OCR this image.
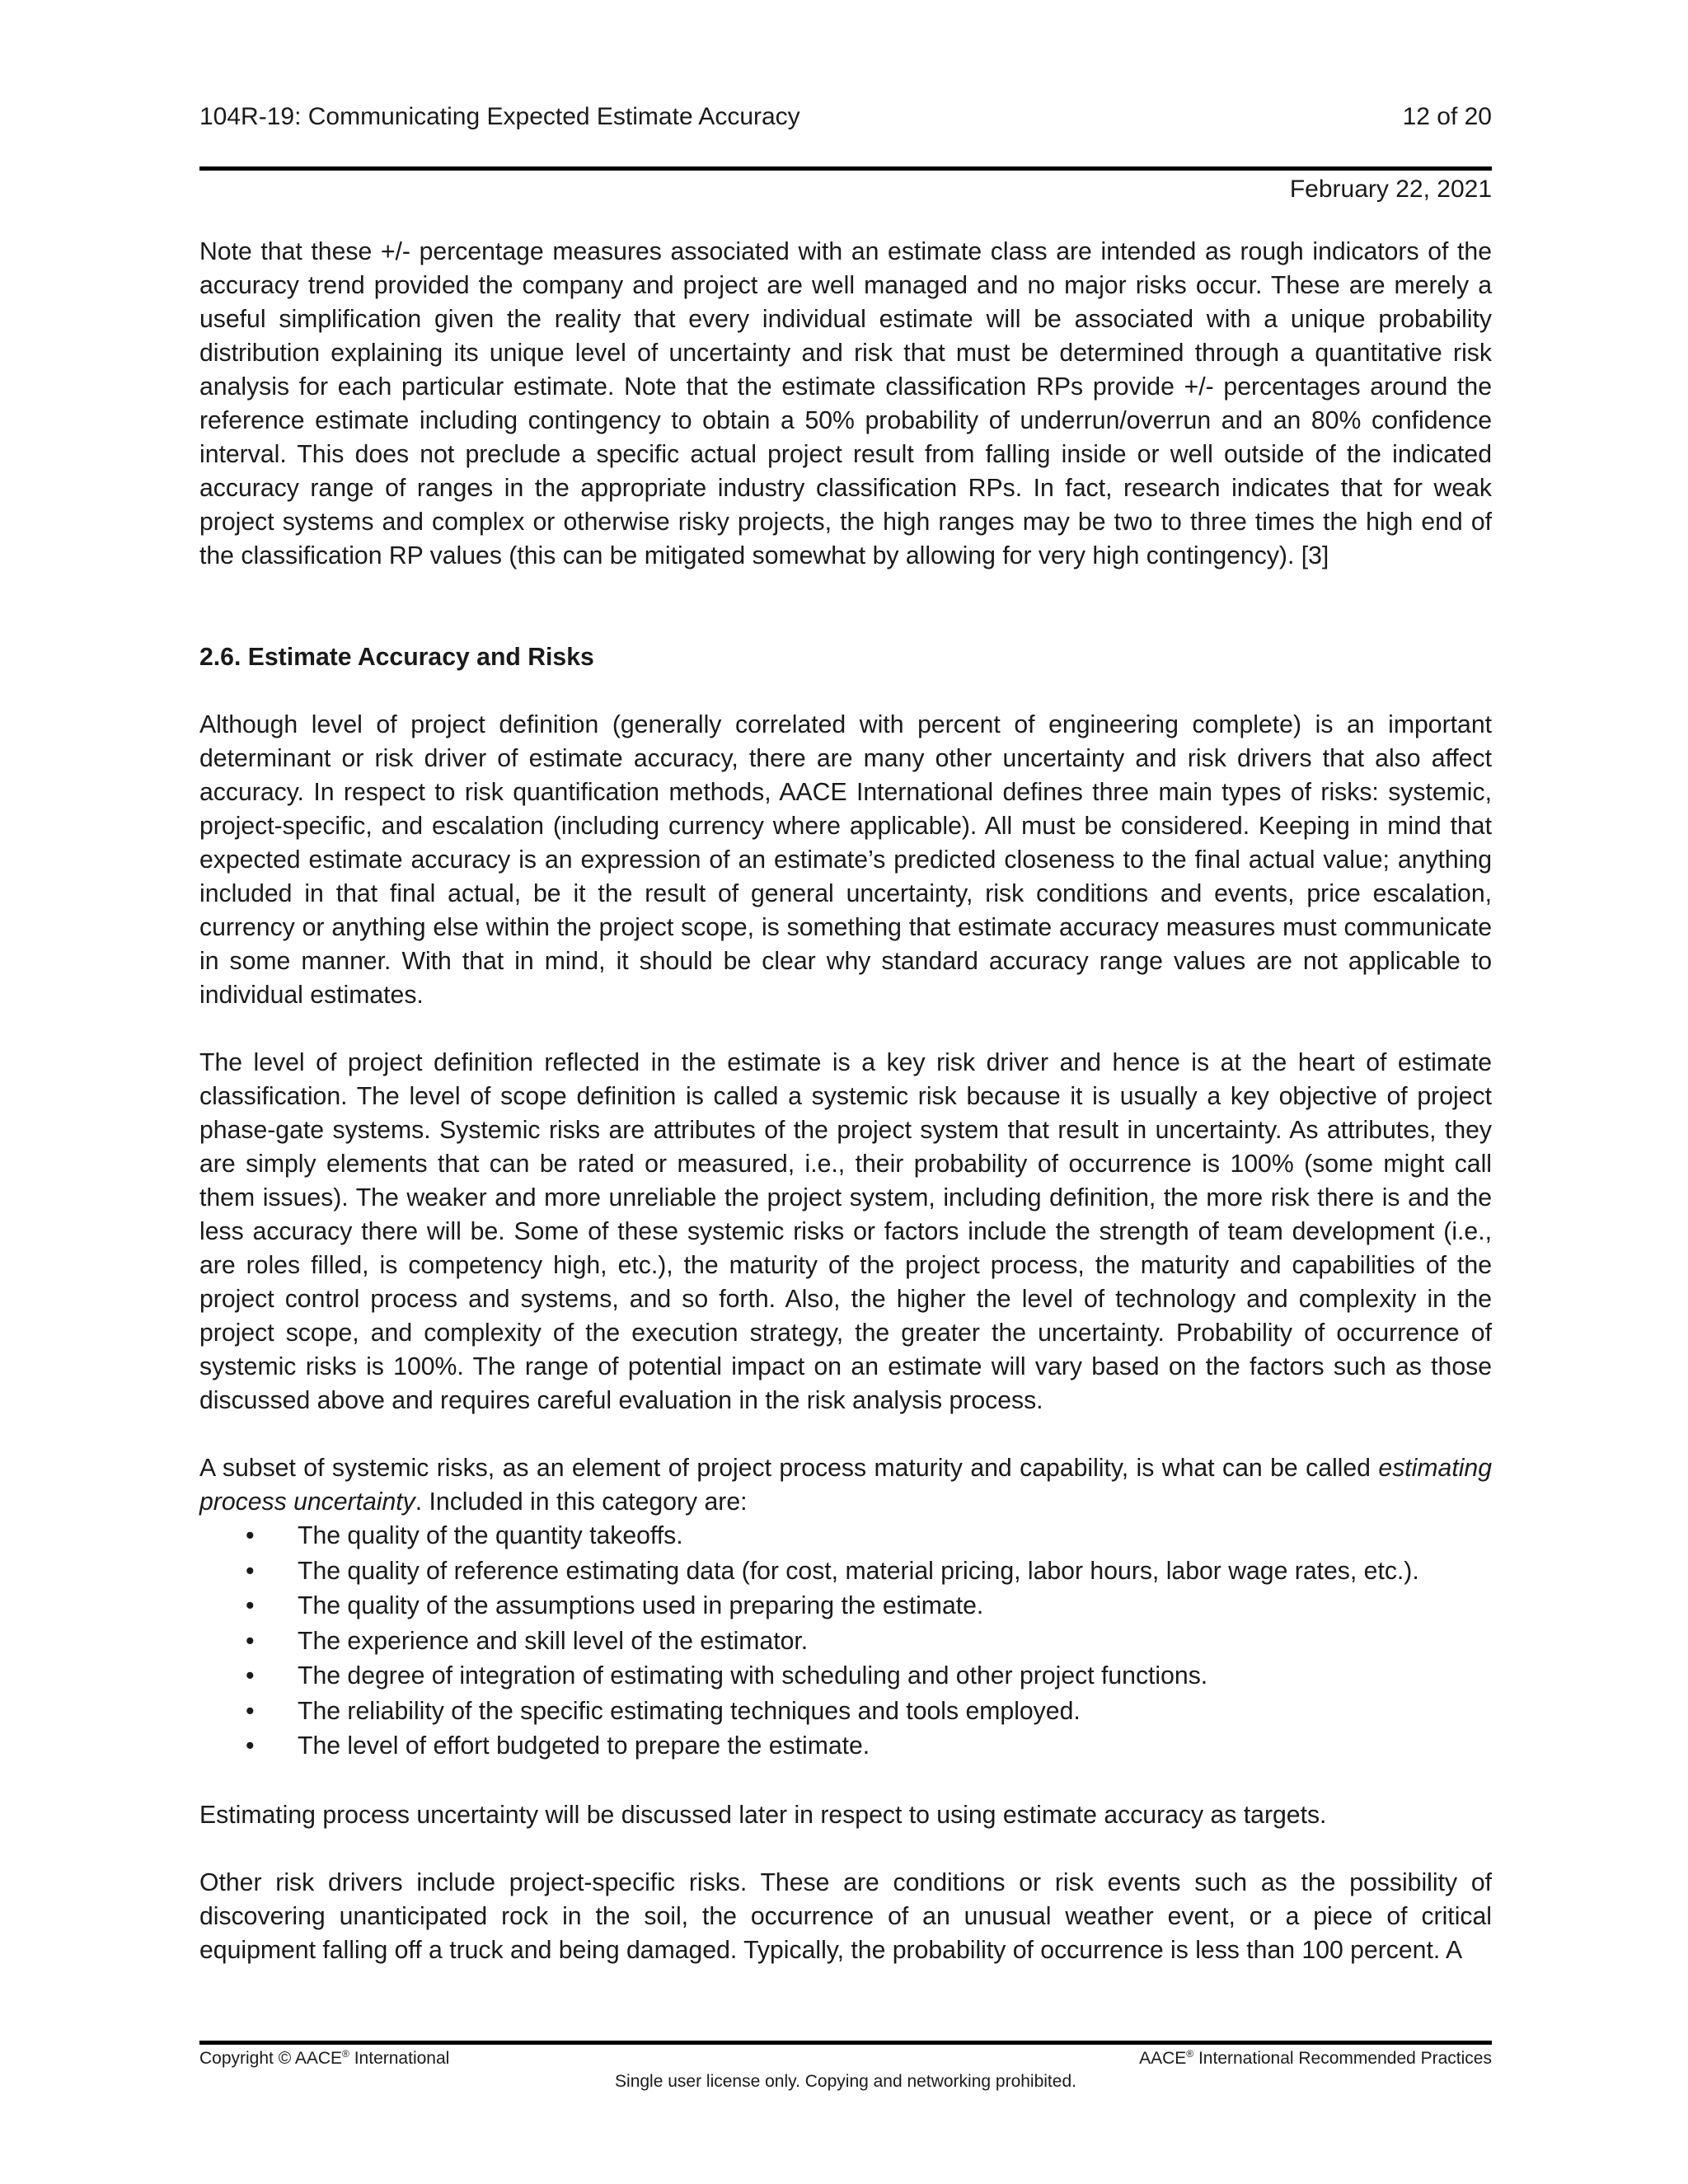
104R-19: Communicating Expected Estimate Accuracy	12 of 20
February 22, 2021

Note that these +/- percentage measures associated with an estimate class are intended as rough indicators of the accuracy trend provided the company and project are well managed and no major risks occur. These are merely a useful simplification given the reality that every individual estimate will be associated with a unique probability distribution explaining its unique level of uncertainty and risk that must be determined through a quantitative risk analysis for each particular estimate. Note that the estimate classification RPs provide +/- percentages around the reference estimate including contingency to obtain a 50% probability of underrun/overrun and an 80% confidence interval. This does not preclude a specific actual project result from falling inside or well outside of the indicated accuracy range of ranges in the appropriate industry classification RPs. In fact, research indicates that for weak project systems and complex or otherwise risky projects, the high ranges may be two to three times the high end of the classification RP values (this can be mitigated somewhat by allowing for very high contingency). [3]

2.6. Estimate Accuracy and Risks

Although level of project definition (generally correlated with percent of engineering complete) is an important determinant or risk driver of estimate accuracy, there are many other uncertainty and risk drivers that also affect accuracy. In respect to risk quantification methods, AACE International defines three main types of risks: systemic, project-specific, and escalation (including currency where applicable). All must be considered. Keeping in mind that expected estimate accuracy is an expression of an estimate’s predicted closeness to the final actual value; anything included in that final actual, be it the result of general uncertainty, risk conditions and events, price escalation, currency or anything else within the project scope, is something that estimate accuracy measures must communicate in some manner. With that in mind, it should be clear why standard accuracy range values are not applicable to individual estimates.

The level of project definition reflected in the estimate is a key risk driver and hence is at the heart of estimate classification. The level of scope definition is called a systemic risk because it is usually a key objective of project phase-gate systems. Systemic risks are attributes of the project system that result in uncertainty. As attributes, they are simply elements that can be rated or measured, i.e., their probability of occurrence is 100% (some might call them issues). The weaker and more unreliable the project system, including definition, the more risk there is and the less accuracy there will be. Some of these systemic risks or factors include the strength of team development (i.e., are roles filled, is competency high, etc.), the maturity of the project process, the maturity and capabilities of the project control process and systems, and so forth. Also, the higher the level of technology and complexity in the project scope, and complexity of the execution strategy, the greater the uncertainty. Probability of occurrence of systemic risks is 100%. The range of potential impact on an estimate will vary based on the factors such as those discussed above and requires careful evaluation in the risk analysis process.

A subset of systemic risks, as an element of project process maturity and capability, is what can be called estimating process uncertainty. Included in this category are:

• The quality of the quantity takeoffs.
• The quality of reference estimating data (for cost, material pricing, labor hours, labor wage rates, etc.).
• The quality of the assumptions used in preparing the estimate.
• The experience and skill level of the estimator.
• The degree of integration of estimating with scheduling and other project functions.
• The reliability of the specific estimating techniques and tools employed.
• The level of effort budgeted to prepare the estimate.

Estimating process uncertainty will be discussed later in respect to using estimate accuracy as targets.

Other risk drivers include project-specific risks. These are conditions or risk events such as the possibility of discovering unanticipated rock in the soil, the occurrence of an unusual weather event, or a piece of critical equipment falling off a truck and being damaged. Typically, the probability of occurrence is less than 100 percent. A

Copyright © AACE® International	AACE® International Recommended Practices
Single user license only. Copying and networking prohibited.
